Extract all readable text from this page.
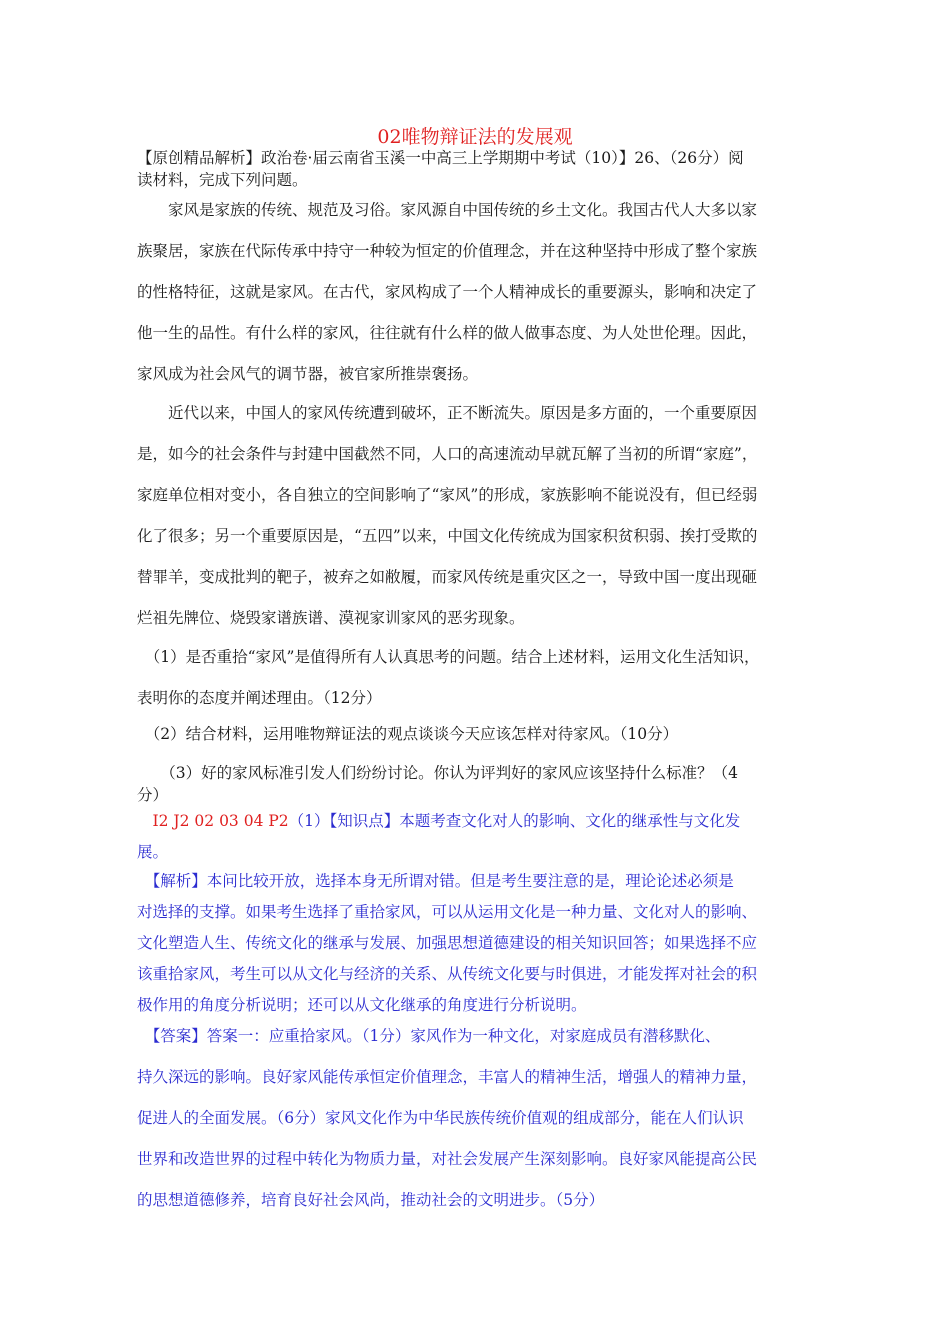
02唯物辩证法的发展观
【原创精品解析】政治卷·届云南省玉溪一中高三上学期期中考试（10）】26、（26分）阅
读材料，完成下列问题。
　　家风是家族的传统、规范及习俗。家风源自中国传统的乡土文化。我国古代人大多以家
族聚居，家族在代际传承中持守一种较为恒定的价值理念，并在这种坚持中形成了整个家族
的性格特征，这就是家风。在古代，家风构成了一个人精神成长的重要源头，影响和决定了
他一生的品性。有什么样的家风，往往就有什么样的做人做事态度、为人处世伦理。因此，
家风成为社会风气的调节器，被官家所推崇褒扬。
　　近代以来，中国人的家风传统遭到破坏，正不断流失。原因是多方面的，一个重要原因
是，如今的社会条件与封建中国截然不同，人口的高速流动早就瓦解了当初的所谓“家庭”，
家庭单位相对变小，各自独立的空间影响了“家风”的形成，家族影响不能说没有，但已经弱
化了很多；另一个重要原因是，“五四”以来，中国文化传统成为国家积贫积弱、挨打受欺的
替罪羊，变成批判的靶子，被弃之如敝履，而家风传统是重灾区之一，导致中国一度出现砸
烂祖先牌位、烧毁家谱族谱、漠视家训家风的恶劣现象。
　（1）是否重拾“家风”是值得所有人认真思考的问题。结合上述材料，运用文化生活知识，
表明你的态度并阐述理由。（12分）
　（2）结合材料，运用唯物辩证法的观点谈谈今天应该怎样对待家风。（10分）
　　（3）好的家风标准引发人们纷纷讨论。你认为评判好的家风应该坚持什么标准？（4
分）
　I2 J2 02 03 04 P2（1）【知识点】本题考查文化对人的影响、文化的继承性与文化发
展。
　【解析】本问比较开放，选择本身无所谓对错。但是考生要注意的是，理论论述必须是
对选择的支撑。如果考生选择了重拾家风，可以从运用文化是一种力量、文化对人的影响、
文化塑造人生、传统文化的继承与发展、加强思想道德建设的相关知识回答；如果选择不应
该重拾家风，考生可以从文化与经济的关系、从传统文化要与时俱进，才能发挥对社会的积
极作用的角度分析说明；还可以从文化继承的角度进行分析说明。
　【答案】答案一：应重拾家风。（1分）家风作为一种文化，对家庭成员有潜移默化、
持久深远的影响。良好家风能传承恒定价值理念，丰富人的精神生活，增强人的精神力量，
促进人的全面发展。（6分）家风文化作为中华民族传统价值观的组成部分，能在人们认识
世界和改造世界的过程中转化为物质力量，对社会发展产生深刻影响。良好家风能提高公民
的思想道德修养，培育良好社会风尚，推动社会的文明进步。（5分）
